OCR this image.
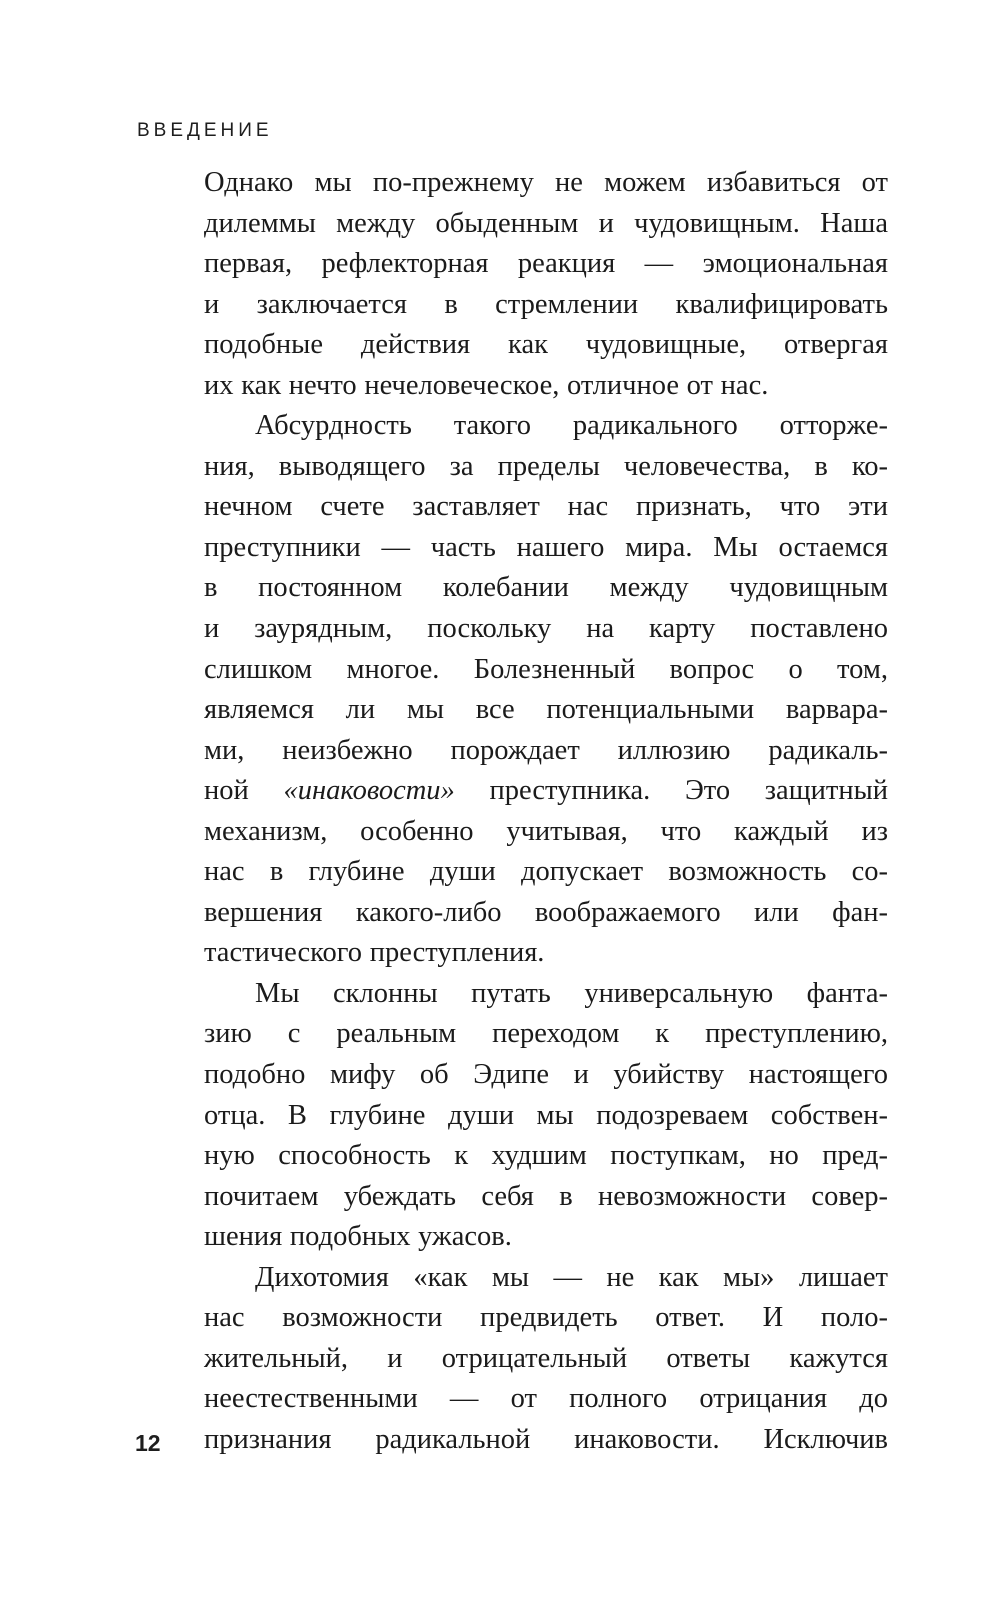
ВВЕДЕНИЕ
12
Однако мы по-прежнему не можем избавиться от
дилеммы между обыденным и чудовищным. Наша
первая, рефлекторная реакция — эмоциональная
и заключается в стремлении квалифицировать
подобные действия как чудовищные, отвергая
их как нечто нечеловеческое, отличное от нас.
Абсурдность такого радикального отторже-
ния, выводящего за пределы человечества, в ко-
нечном счете заставляет нас признать, что эти
преступники — часть нашего мира. Мы остаемся
в постоянном колебании между чудовищным
и заурядным, поскольку на карту поставлено
слишком многое. Болезненный вопрос о том,
являемся ли мы все потенциальными варвара-
ми, неизбежно порождает иллюзию радикаль-
ной «инаковости» преступника. Это защитный
механизм, особенно учитывая, что каждый из
нас в глубине души допускает возможность со-
вершения какого-либо воображаемого или фан-
тастического преступления.
Мы склонны путать универсальную фанта-
зию с реальным переходом к преступлению,
подобно мифу об Эдипе и убийству настоящего
отца. В глубине души мы подозреваем собствен-
ную способность к худшим поступкам, но пред-
почитаем убеждать себя в невозможности совер-
шения подобных ужасов.
Дихотомия «как мы — не как мы» лишает
нас возможности предвидеть ответ. И поло-
жительный, и отрицательный ответы кажутся
неестественными — от полного отрицания до
признания радикальной инаковости. Исключив
